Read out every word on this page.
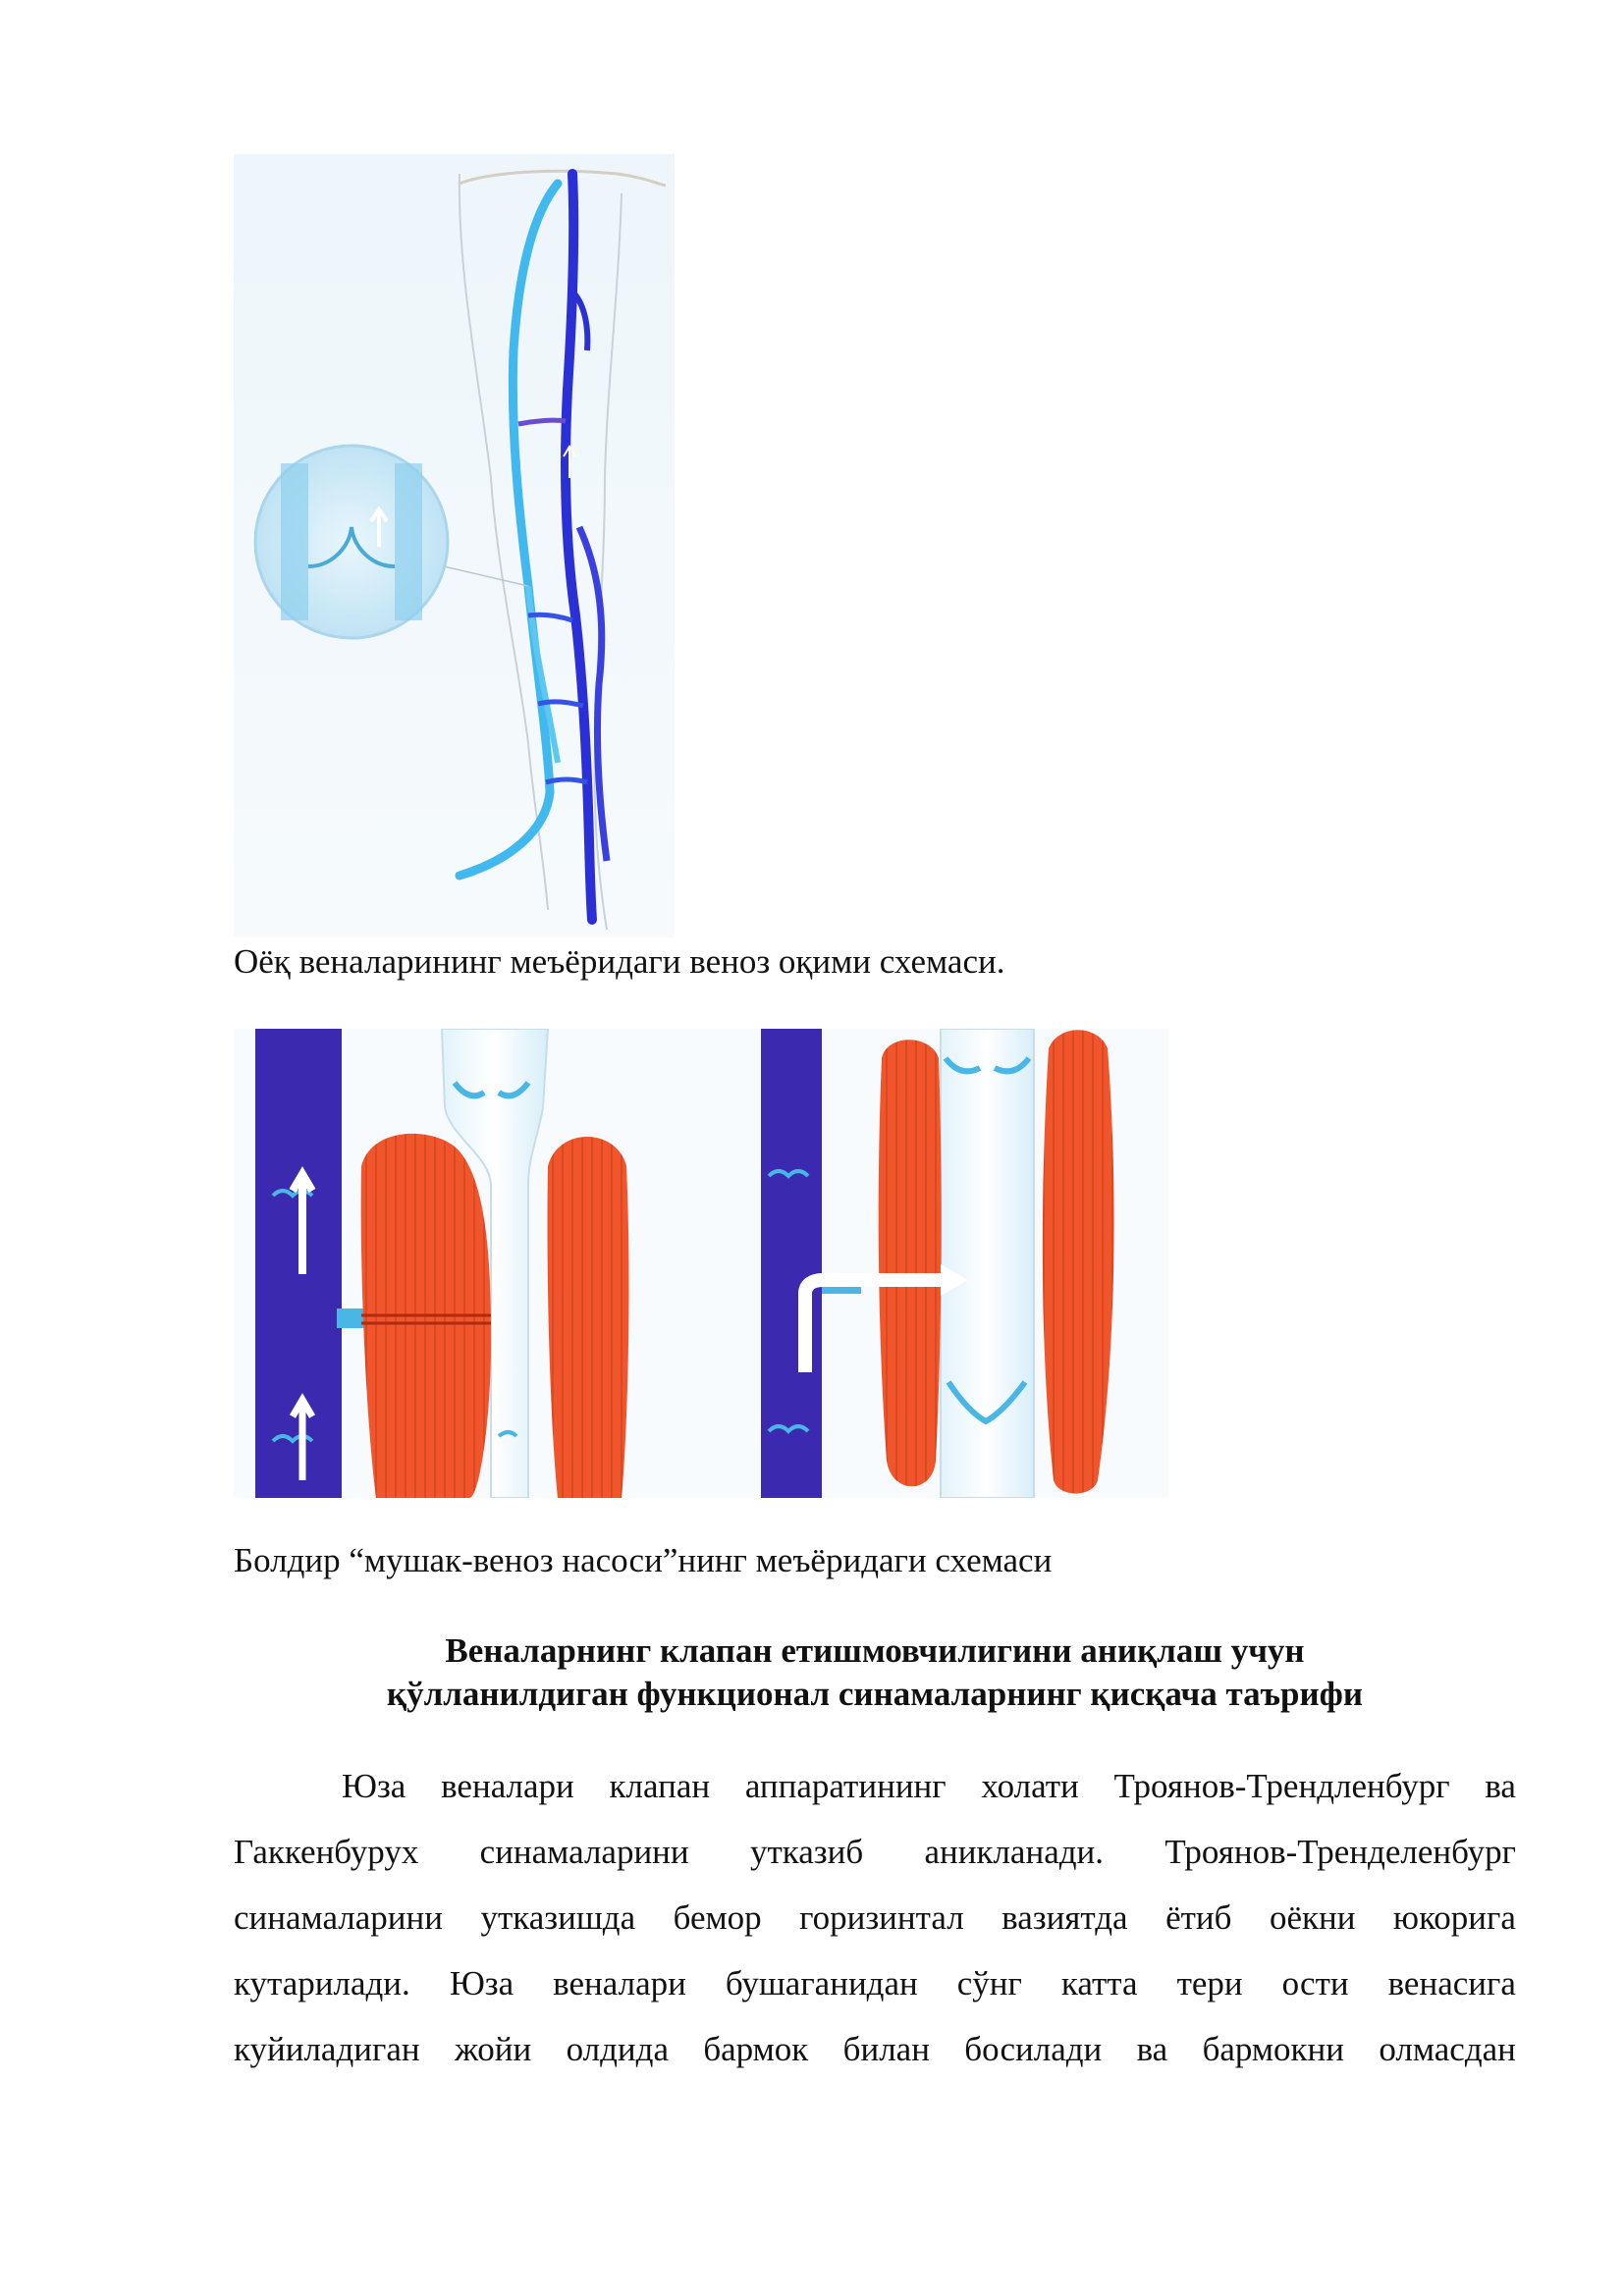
Оёқ веналарининг меъёридаги веноз оқими схемаси.
Болдир “мушак-веноз насоси”нинг меъёридаги схемаси
Веналарнинг клапан етишмовчилигини аниқлаш учун
қўлланилдиган функционал синамаларнинг қисқача таърифи
Юза веналари клапан аппаратининг холати Троянов-Трендленбург ва
Гаккенбурух синамаларини утказиб аникланади. Троянов-Тренделенбург
синамаларини утказишда бемор горизинтал вазиятда ётиб оёкни юкорига
кутарилади. Юза веналари бушаганидан сўнг катта тери ости венасига
куйиладиган жойи олдида бармок билан босилади ва бармокни олмасдан
